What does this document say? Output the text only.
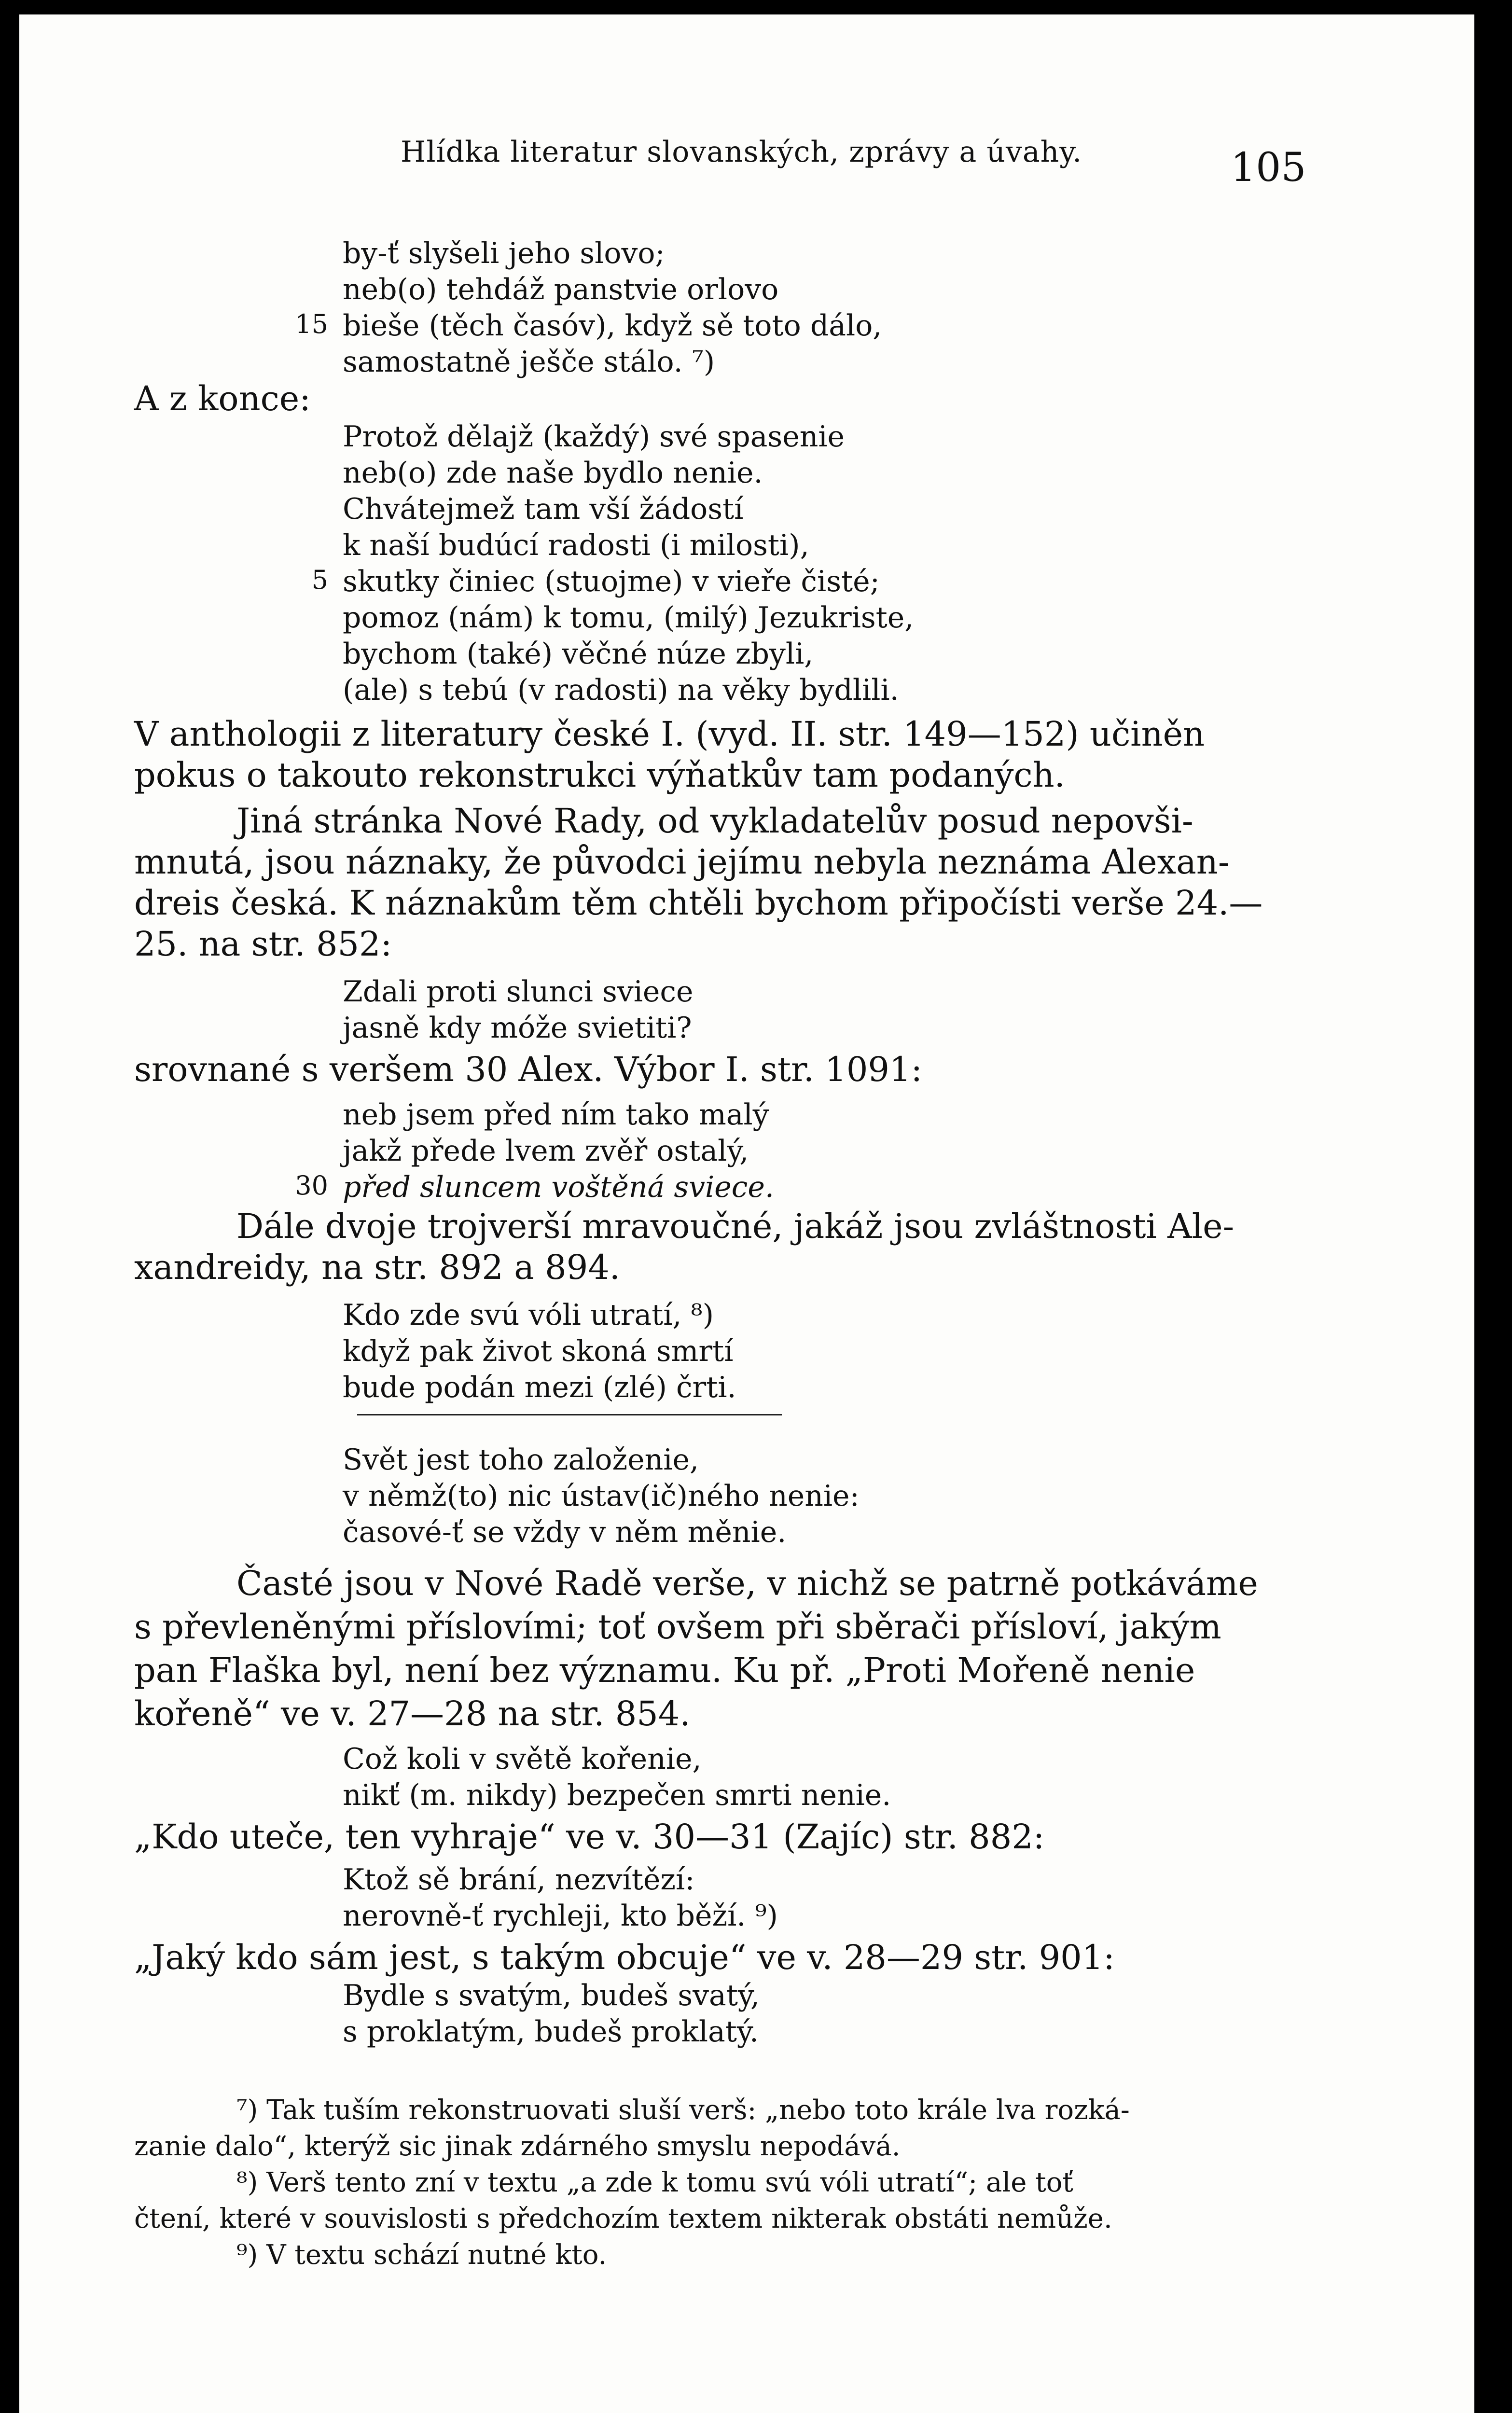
Hlídka literatur slovanských, zprávy a úvahy.	105
by-ť slyšeli jeho slovo;
neb(o) tehdáž panstvie orlovo
15 bieše (těch časóv), když sě toto dálo,
samostatně ješče stálo. ⁷)
A z konce:
Protož dělajž (každý) své spasenie
neb(o) zde naše bydlo nenie.
Chvátejmež tam vší žádostí
k naší budúcí radosti (i milosti),
5 skutky činiec (stuojme) v vieře čisté;
pomoz (nám) k tomu, (milý) Jezukriste,
bychom (také) věčné núze zbyli,
(ale) s tebú (v radosti) na věky bydlili.
V anthologii z literatury české I. (vyd. II. str. 149—152) učiněn
pokus o takouto rekonstrukci výňatkův tam podaných.
Jiná stránka Nové Rady, od vykladatelův posud nepovši-
mnutá, jsou náznaky, že původci jejímu nebyla neznáma Alexan-
dreis česká. K náznakům těm chtěli bychom připočísti verše 24.—
25. na str. 852:
Zdali proti slunci sviece
jasně kdy móže svietiti?
srovnané s veršem 30 Alex. Výbor I. str. 1091:
neb jsem před ním tako malý
jakž přede lvem zvěř ostalý,
30 před sluncem voštěná sviece.
Dále dvoje trojverší mravoučné, jakáž jsou zvláštnosti Ale-
xandreidy, na str. 892 a 894.
Kdo zde svú vóli utratí, ⁸)
když pak život skoná smrtí
bude podán mezi (zlé) črti.
Svět jest toho založenie,
v němž(to) nic ústav(ič)ného nenie:
časové-ť se vždy v něm měnie.
Časté jsou v Nové Radě verše, v nichž se patrně potkáváme
s převleněnými příslovími; toť ovšem při sběrači přísloví, jakým
pan Flaška byl, není bez významu. Ku př. „Proti Mořeně nenie
kořeně“ ve v. 27—28 na str. 854.
Což koli v světě kořenie,
nikť (m. nikdy) bezpečen smrti nenie.
„Kdo uteče, ten vyhraje“ ve v. 30—31 (Zajíc) str. 882:
Ktož sě brání, nezvítězí:
nerovně-ť rychleji, kto běží. ⁹)
„Jaký kdo sám jest, s takým obcuje“ ve v. 28—29 str. 901:
Bydle s svatým, budeš svatý,
s proklatým, budeš proklatý.
⁷) Tak tuším rekonstruovati sluší verš: „nebo toto krále lva rozká-
zanie dalo“, kterýž sic jinak zdárného smyslu nepodává.
⁸) Verš tento zní v textu „a zde k tomu svú vóli utratí“; ale toť
čtení, které v souvislosti s předchozím textem nikterak obstáti nemůže.
⁹) V textu schází nutné kto.
